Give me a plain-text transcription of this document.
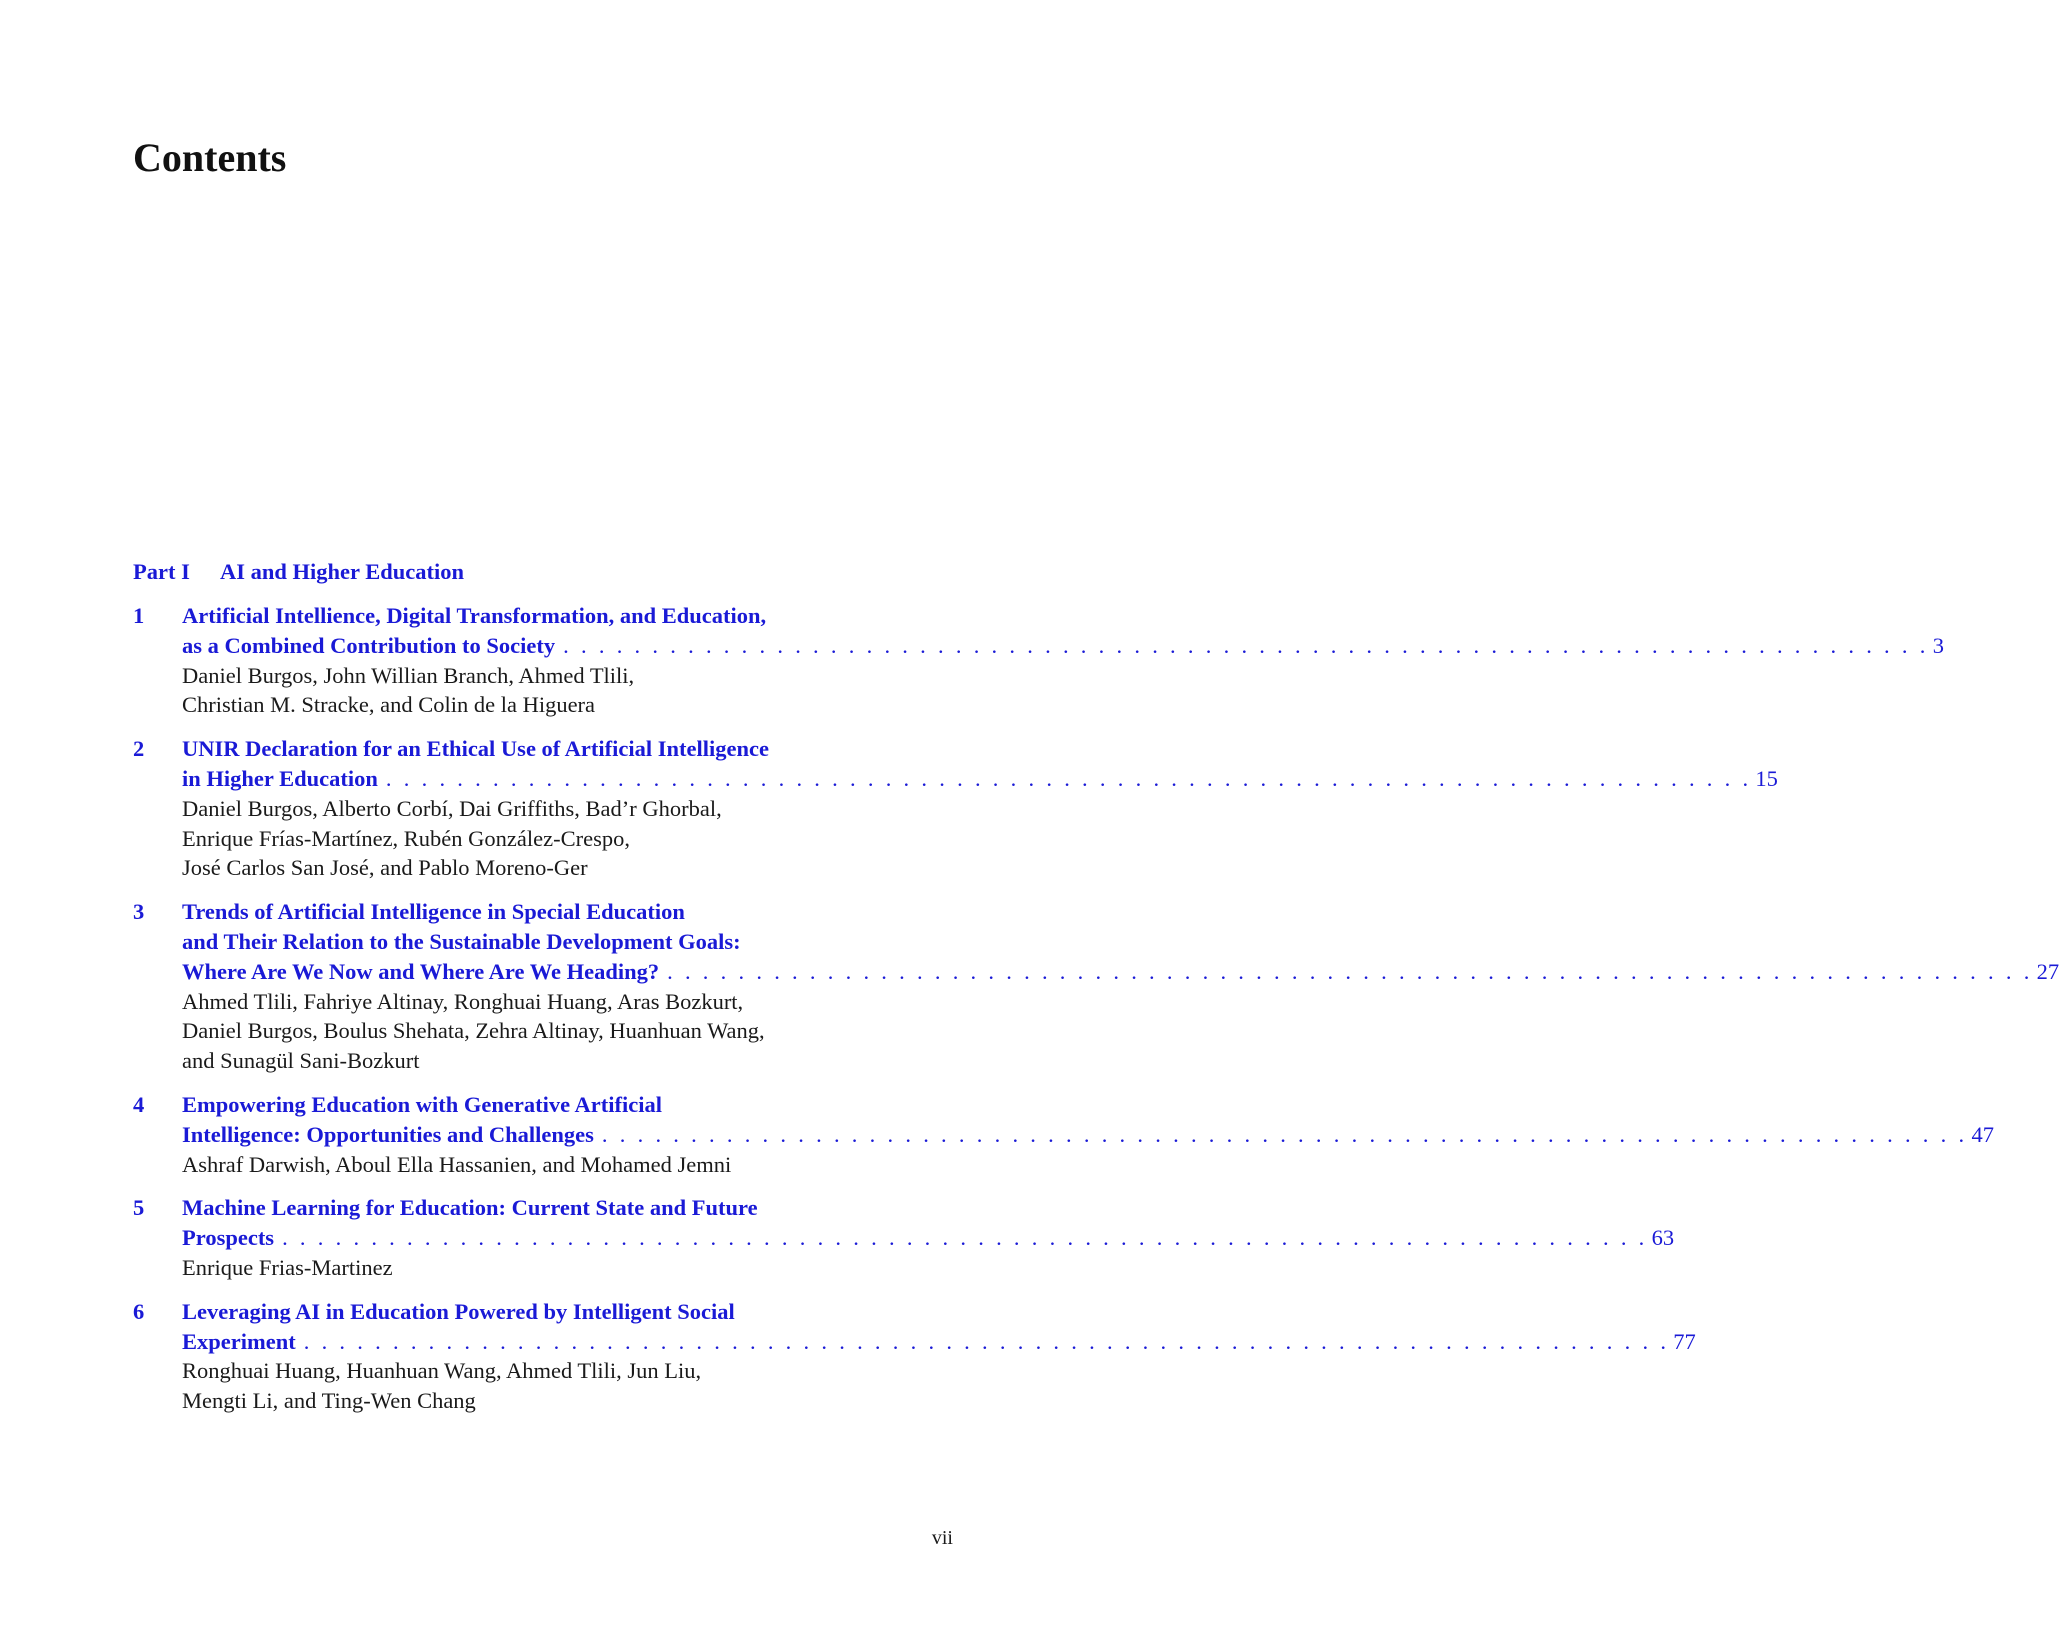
Contents
Part I AI and Higher Education
1 Artificial Intellience, Digital Transformation, and Education,
as a Combined Contribution to Society . . . . . . . . . . . . . . . . . . . . . . . . . . . . . . . . . . . . . . . . . . . . . . . . . . . . . . . . . . . . . . . . . . . . . . . . . . . . . 3
Daniel Burgos, John Willian Branch, Ahmed Tlili,
Christian M. Stracke, and Colin de la Higuera
2 UNIR Declaration for an Ethical Use of Artificial Intelligence
in Higher Education . . . . . . . . . . . . . . . . . . . . . . . . . . . . . . . . . . . . . . . . . . . . . . . . . . . . . . . . . . . . . . . . . . . . . . . . . . . . . 15
Daniel Burgos, Alberto Corbí, Dai Griffiths, Bad’r Ghorbal,
Enrique Frías-Martínez, Rubén González-Crespo,
José Carlos San José, and Pablo Moreno-Ger
3 Trends of Artificial Intelligence in Special Education
and Their Relation to the Sustainable Development Goals:
Where Are We Now and Where Are We Heading? . . . . . . . . . . . . . . . . . . . . . . . . . . . . . . . . . . . . . . . . . . . . . . . . . . . . . . . . . . . . . . . . . . . . . . . . . . . . . 27
Ahmed Tlili, Fahriye Altinay, Ronghuai Huang, Aras Bozkurt,
Daniel Burgos, Boulus Shehata, Zehra Altinay, Huanhuan Wang,
and Sunagül Sani-Bozkurt
4 Empowering Education with Generative Artificial
Intelligence: Opportunities and Challenges . . . . . . . . . . . . . . . . . . . . . . . . . . . . . . . . . . . . . . . . . . . . . . . . . . . . . . . . . . . . . . . . . . . . . . . . . . . . . 47
Ashraf Darwish, Aboul Ella Hassanien, and Mohamed Jemni
5 Machine Learning for Education: Current State and Future
Prospects . . . . . . . . . . . . . . . . . . . . . . . . . . . . . . . . . . . . . . . . . . . . . . . . . . . . . . . . . . . . . . . . . . . . . . . . . . . . . 63
Enrique Frias-Martinez
6 Leveraging AI in Education Powered by Intelligent Social
Experiment . . . . . . . . . . . . . . . . . . . . . . . . . . . . . . . . . . . . . . . . . . . . . . . . . . . . . . . . . . . . . . . . . . . . . . . . . . . . . 77
Ronghuai Huang, Huanhuan Wang, Ahmed Tlili, Jun Liu,
Mengti Li, and Ting-Wen Chang
vii
